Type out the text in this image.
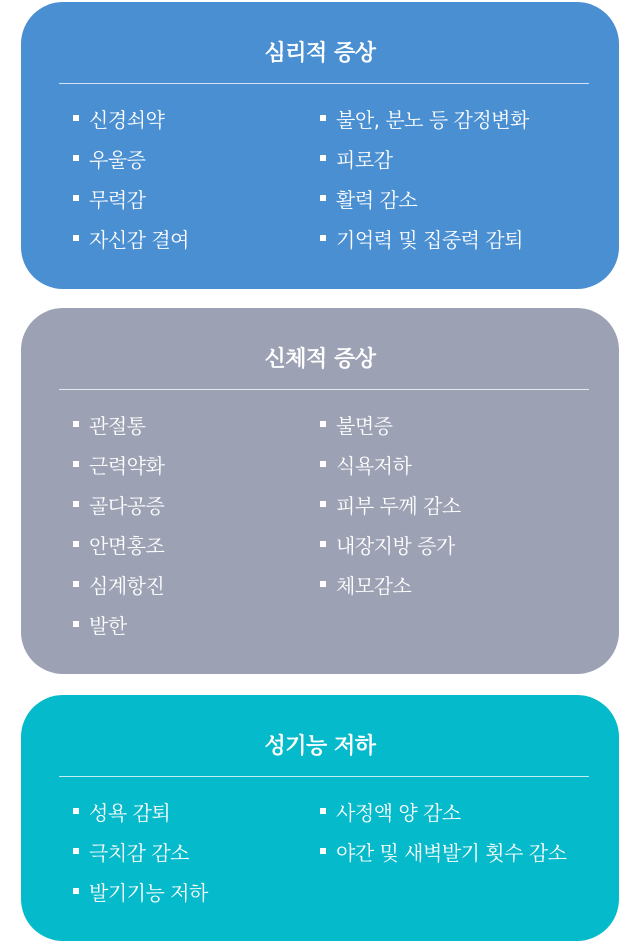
심리적 증상
신경쇠약	불안, 분노 등 감정변화
우울증	피로감
무력감	활력 감소
자신감 결여	기억력 및 집중력 감퇴
신체적 증상
관절통	불면증
근력약화	식욕저하
골다공증	피부 두께 감소
안면홍조	내장지방 증가
심계항진	체모감소
발한
성기능 저하
성욕 감퇴	사정액 양 감소
극치감 감소	야간 및 새벽발기 횟수 감소
발기기능 저하
